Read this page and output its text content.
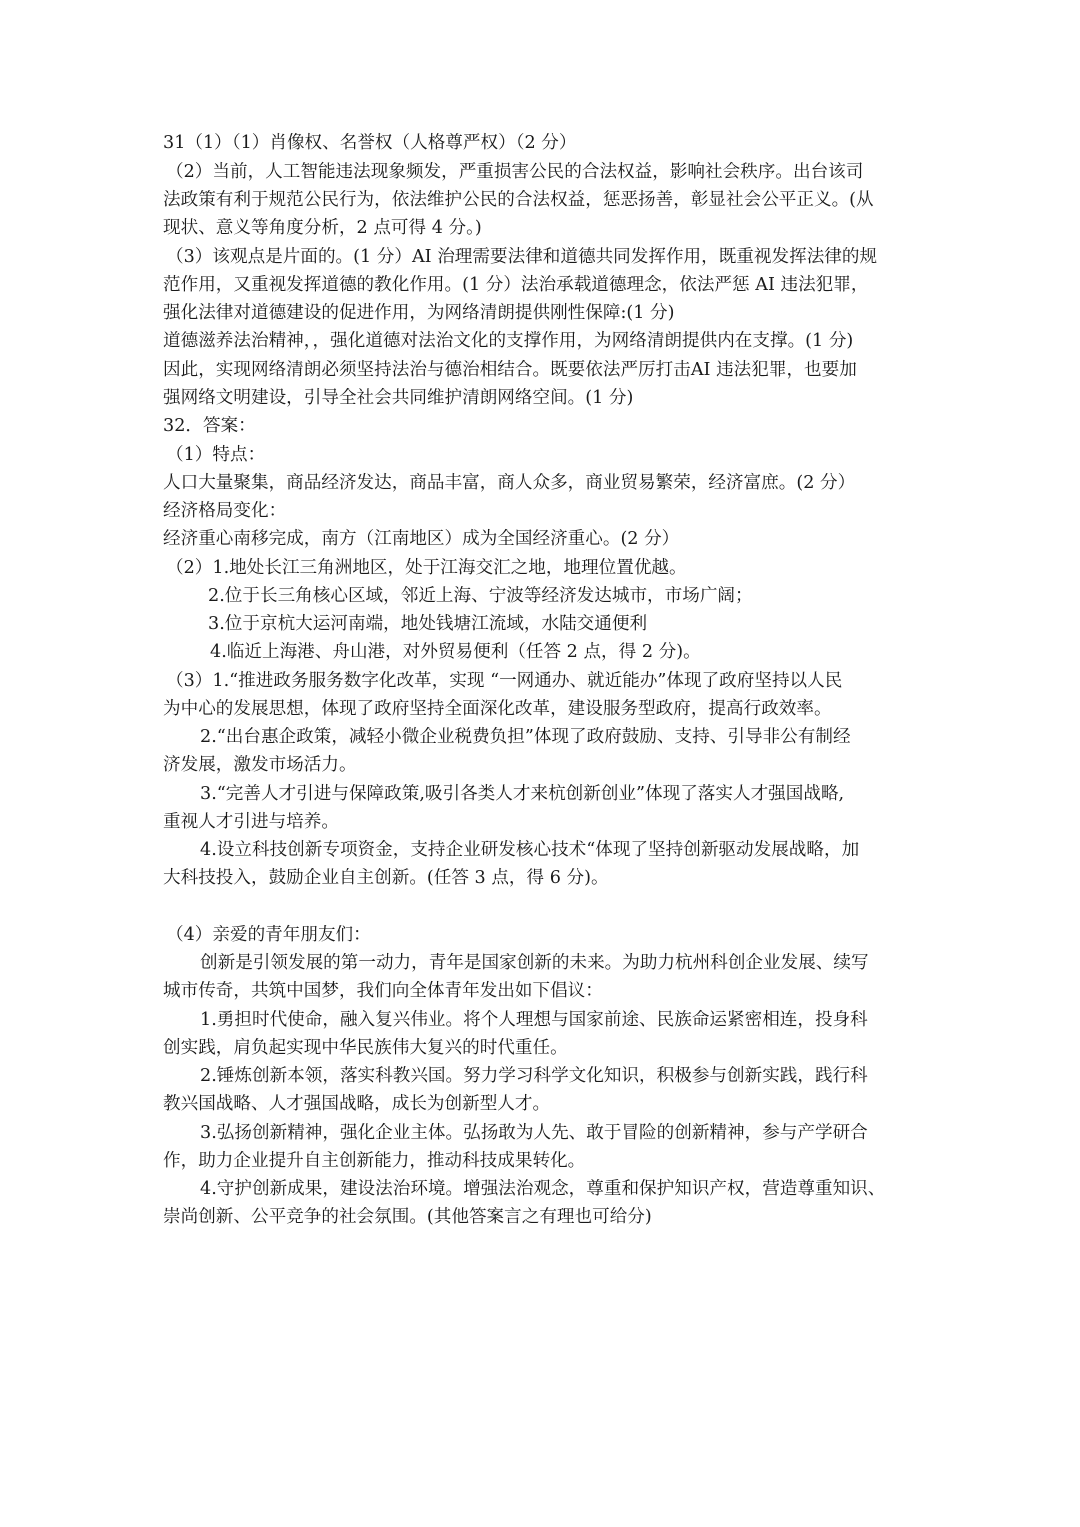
31（1）（1）肖像权、名誉权（人格尊严权）（2 分）
（2）当前，人工智能违法现象频发，严重损害公民的合法权益，影响社会秩序。出台该司
法政策有利于规范公民行为，依法维护公民的合法权益，惩恶扬善，彰显社会公平正义。(从
现状、意义等角度分析，2 点可得 4 分。)
（3）该观点是片面的。(1 分）AI 治理需要法律和道德共同发挥作用，既重视发挥法律的规
范作用，又重视发挥道德的教化作用。(1 分）法治承载道德理念，依法严惩 AI 违法犯罪，
强化法律对道德建设的促进作用，为网络清朗提供刚性保障:(1 分)
道德滋养法治精神，，强化道德对法治文化的支撑作用，为网络清朗提供内在支撑。(1 分)
因此，实现网络清朗必须坚持法治与德治相结合。既要依法严厉打击AI 违法犯罪，也要加
强网络文明建设，引导全社会共同维护清朗网络空间。(1 分)
32．答案：
（1）特点：
人口大量聚集，商品经济发达，商品丰富，商人众多，商业贸易繁荣，经济富庶。(2 分）
经济格局变化：
经济重心南移完成，南方（江南地区）成为全国经济重心。(2 分）
（2）1.地处长江三角洲地区，处于江海交汇之地，地理位置优越。
2.位于长三角核心区域，邻近上海、宁波等经济发达城市，市场广阔；
3.位于京杭大运河南端，地处钱塘江流域，水陆交通便利
4.临近上海港、舟山港，对外贸易便利（任答 2 点，得 2 分)。
（3）1.“推进政务服务数字化改革，实现 “一网通办、就近能办”体现了政府坚持以人民
为中心的发展思想，体现了政府坚持全面深化改革，建设服务型政府，提高行政效率。
2.“出台惠企政策，减轻小微企业税费负担”体现了政府鼓励、支持、引导非公有制经
济发展，激发市场活力。
3.“完善人才引进与保障政策,吸引各类人才来杭创新创业”体现了落实人才强国战略,
重视人才引进与培养。
4.设立科技创新专项资金，支持企业研发核心技术“体现了坚持创新驱动发展战略，加
大科技投入，鼓励企业自主创新。(任答 3 点，得 6 分)。
（4）亲爱的青年朋友们：
创新是引领发展的第一动力，青年是国家创新的未来。为助力杭州科创企业发展、续写
城市传奇，共筑中国梦，我们向全体青年发出如下倡议：
1.勇担时代使命，融入复兴伟业。将个人理想与国家前途、民族命运紧密相连，投身科
创实践，肩负起实现中华民族伟大复兴的时代重任。
2.锤炼创新本领，落实科教兴国。努力学习科学文化知识，积极参与创新实践，践行科
教兴国战略、人才强国战略，成长为创新型人才。
3.弘扬创新精神，强化企业主体。弘扬敢为人先、敢于冒险的创新精神，参与产学研合
作，助力企业提升自主创新能力，推动科技成果转化。
4.守护创新成果，建设法治环境。增强法治观念，尊重和保护知识产权，营造尊重知识、
崇尚创新、公平竞争的社会氛围。(其他答案言之有理也可给分)
